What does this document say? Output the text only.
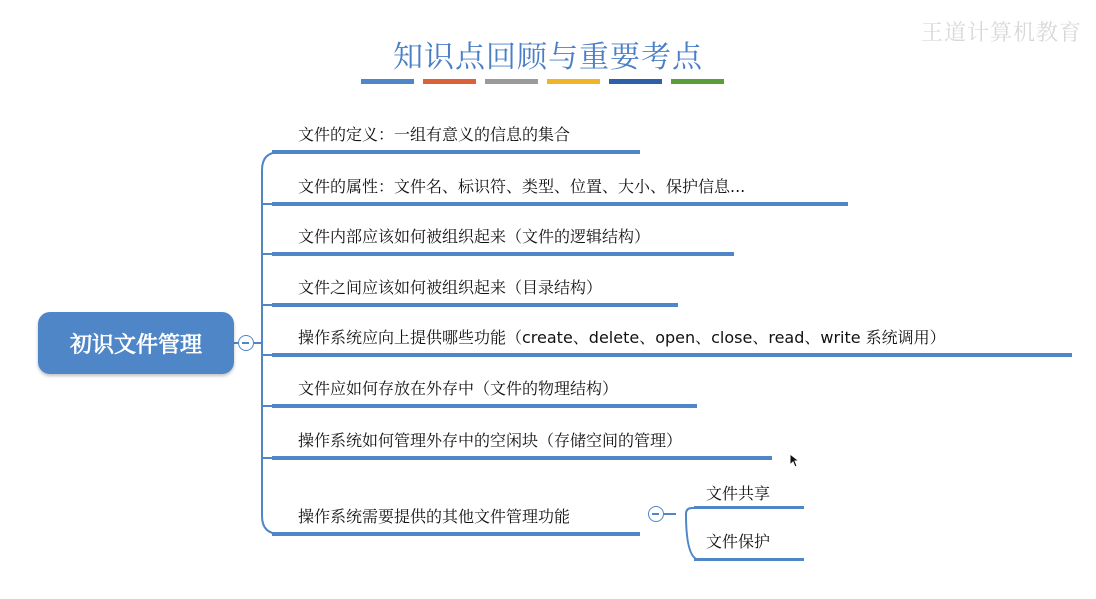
知识点回顾与重要考点
王道计算机教育
初识文件管理
文件的定义：一组有意义的信息的集合
文件的属性：文件名、标识符、类型、位置、大小、保护信息...
文件内部应该如何被组织起来（文件的逻辑结构）
文件之间应该如何被组织起来（目录结构）
操作系统应向上提供哪些功能（create、delete、open、close、read、write 系统调用）
文件应如何存放在外存中（文件的物理结构）
操作系统如何管理外存中的空闲块（存储空间的管理）
操作系统需要提供的其他文件管理功能
文件共享
文件保护
